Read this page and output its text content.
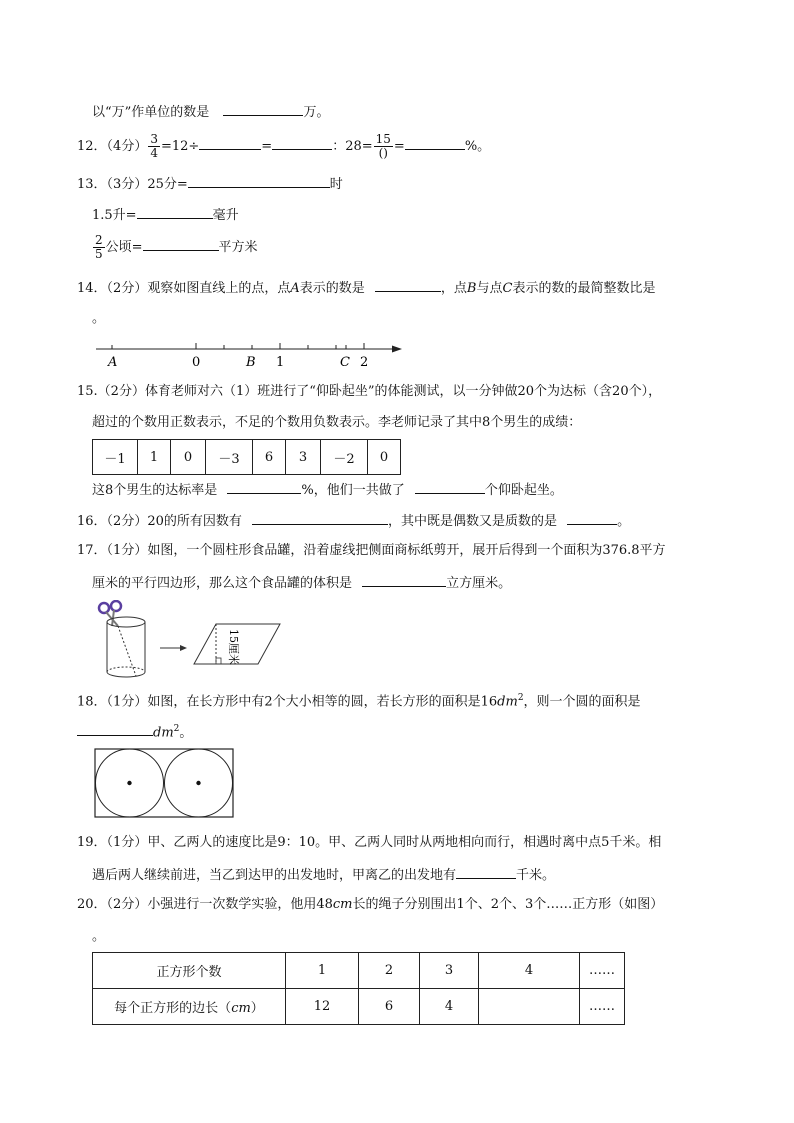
以“万”作单位的数是	万。
12．（4分） $\frac{3}{4} =12\div$	=	：$28= \frac{15}{()}$ =	%。
13．（3分）25分=	时
1.5升=	毫升
$\frac{2}{5}$ 公顷=	平方米
14．（2分）观察如图直线上的点，点A表示的数是	，点B与点C表示的数的最简整数比是
。
A	0	B 1	C 2
15.（2分）体育老师对六（1）班进行了“仰卧起坐”的体能测试，以一分钟做20个为达标（含20个），
超过的个数用正数表示，不足的个数用负数表示。李老师记录了其中8个男生的成绩：
－1	1	0	－3	6	3	－2	0
这8个男生的达标率是	%，他们一共做了	个仰卧起坐。
16．（2分）20的所有因数有	，其中既是偶数又是质数的是	。
17．（1分）如图，一个圆柱形食品罐，沿着虚线把侧面商标纸剪开，展开后得到一个面积为376.8平方
厘米的平行四边形，那么这个食品罐的体积是	立方厘米。
15厘米
18．（1分）如图，在长方形中有2个大小相等的圆，若长方形的面积是$16dm^2$，则一个圆的面积是
$dm^2$。
19．（1分）甲、乙两人的速度比是9：10。甲、乙两人同时从两地相向而行，相遇时离中点5千米。相
遇后两人继续前进，当乙到达甲的出发地时，甲离乙的出发地有	千米。
20．（2分）小强进行一次数学实验，他用48cm长的绳子分别围出1个、2个、3个……正方形（如图）
。
正方形个数	1	2	3	4	……
每个正方形的边长（cm）	12	6	4		……
